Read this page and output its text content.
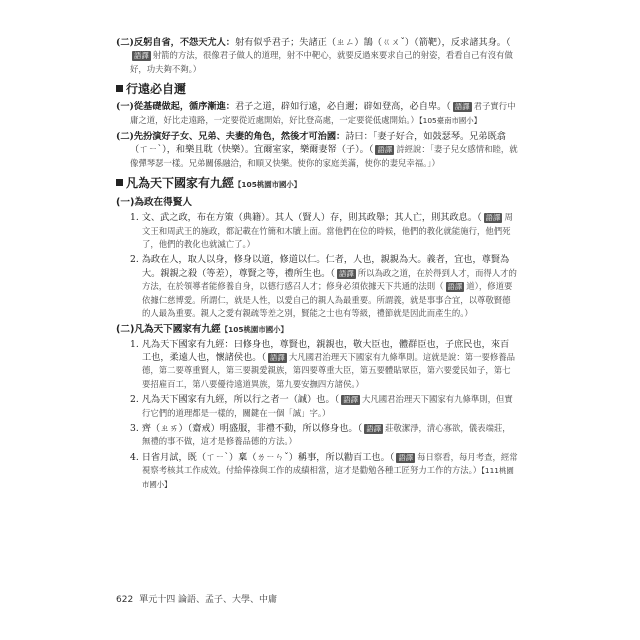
(二)反躬自省，不怨天尤人：射有似乎君子；失諸正（ㄓㄥ）鵠（ㄍㄨˇ）（箭靶），反求諸其身。（語譯 射箭的方法，很像君子做人的道理，射不中靶心，就要反過來要求自己的射姿，看看自己有沒有做好，功夫夠不夠。）

行遠必自邇

(一)從基礎做起，循序漸進：君子之道，辟如行遠，必自邇；辟如登高，必自卑。（ 語譯 君子實行中庸之道，好比走遠路，一定要從近處開始，好比登高處，一定要從低處開始。）【105臺南市國小】

(二)先扮演好子女、兄弟、夫妻的角色，然後才可治國：詩曰：「妻子好合，如鼓瑟琴。兄弟既翕（ㄒㄧˋ），和樂且耽（快樂）。宜爾室家，樂爾妻帑（子）。（ 語譯 詩經說：「妻子兒女感情和睦，就像彈琴瑟一樣。兄弟關係融洽，和順又快樂。使你的家庭美滿，使你的妻兒幸福。」）

凡為天下國家有九經【105桃園市國小】
(一)為政在得賢人

1. 文、武之政，布在方策（典籍）。其人（賢人）存，則其政舉；其人亡，則其政息。（ 語譯 周文王和周武王的施政，都記載在竹簡和木牘上面。當他們在位的時候，他們的教化就能施行，他們死了，他們的教化也就滅亡了。）

2. 為政在人，取人以身，修身以道，修道以仁。仁者，人也，親親為大。義者，宜也，尊賢為大。親親之殺（等差），尊賢之等，禮所生也。（ 語譯 所以為政之道，在於得到人才，而得人才的方法，在於領導者能修養自身，以德行感召人才；修身必須依據天下共通的法則（ 語譯 道），修道要依據仁慈博愛。所謂仁，就是人性，以愛自己的親人為最重要。所謂義，就是事事合宜，以尊敬賢德的人最為重要。親人之愛有親疏等差之別，賢能之士也有等級，禮節就是因此而產生的。）

(二)凡為天下國家有九經【105桃園市國小】

1. 凡為天下國家有九經：曰修身也，尊賢也，親親也，敬大臣也，體群臣也，子庶民也，來百工也，柔遠人也，懷諸侯也。（ 語譯 大凡國君治理天下國家有九條準則。這就是說：第一要修養品德，第二要尊重賢人，第三要親愛親族，第四要尊重大臣，第五要體貼眾臣，第六要愛民如子，第七要招雇百工，第八要優待遠道異族，第九要安撫四方諸侯。）

2. 凡為天下國家有九經，所以行之者一（誠）也。（ 語譯 大凡國君治理天下國家有九條準則，但實行它們的道理都是一樣的，關鍵在一個「誠」字。）

3. 齊（ㄓㄞ）（齋戒）明盛服，非禮不動，所以修身也。（ 語譯 莊敬潔淨，清心寡欲，儀表端莊，無禮的事不做，這才是修養品德的方法。）

4. 日省月試，既（ㄒㄧˋ）稟（ㄌㄧㄣˇ）稱事，所以勸百工也。（ 語譯 每日察看，每月考查，經常視察考核其工作成效。付給俸祿與工作的成績相當，這才是勸勉各種工匠努力工作的方法。）【111桃園市國小】

622 單元十四 論語、孟子、大學、中庸
